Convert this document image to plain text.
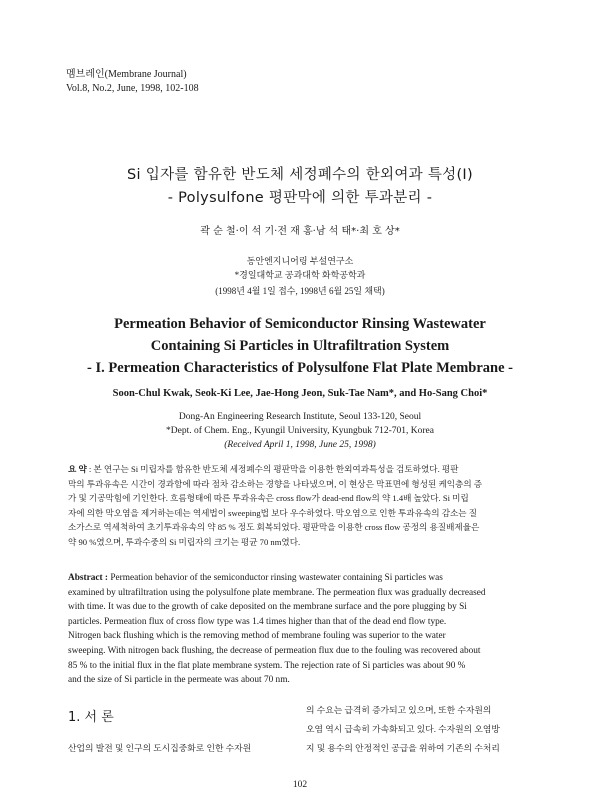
멤브레인(Membrane Journal)
Vol.8, No.2, June, 1998, 102-108
Si 입자를 함유한 반도체 세정폐수의 한외여과 특성(I)
- Polysulfone 평판막에 의한 투과분리 -
곽 순 철·이 석 기·전 재 홍·남 석 태*·최 호 상*
동안엔지니어링 부설연구소
*경일대학교 공과대학 화학공학과
(1998년 4월 1일 접수, 1998년 6월 25일 채택)
Permeation Behavior of Semiconductor Rinsing Wastewater
Containing Si Particles in Ultrafiltration System
- I. Permeation Characteristics of Polysulfone Flat Plate Membrane -
Soon-Chul Kwak, Seok-Ki Lee, Jae-Hong Jeon, Suk-Tae Nam*, and Ho-Sang Choi*
Dong-An Engineering Research Institute, Seoul 133-120, Seoul
*Dept. of Chem. Eng., Kyungil University, Kyungbuk 712-701, Korea
(Received April 1, 1998, June 25, 1998)
요 약 : 본 연구는 Si 미립자를 함유한 반도체 세정폐수의 평판막을 이용한 한외여과특성을 검토하였다. 평판
막의 투과유속은 시간이 경과함에 따라 점차 감소하는 경향을 나타냈으며, 이 현상은 막표면에 형성된 케익층의 증
가 및 기공막힘에 기인한다. 흐름형태에 따른 투과유속은 cross flow가 dead-end flow의 약 1.4배 높았다. Si 미립
자에 의한 막오염을 제거하는데는 역세법이 sweeping법 보다 우수하였다. 막오염으로 인한 투과유속의 감소는 질
소가스로 역세척하여 초기투과유속의 약 85 % 정도 회복되었다. 평판막을 이용한 cross flow 공정의 용질배제율은
약 90 %였으며, 투과수중의 Si 미립자의 크기는 평균 70 nm였다.
Abstract : Permeation behavior of the semiconductor rinsing wastewater containing Si particles was
examined by ultrafiltration using the polysulfone plate membrane. The permeation flux was gradually decreased
with time. It was due to the growth of cake deposited on the membrane surface and the pore plugging by Si
particles. Permeation flux of cross flow type was 1.4 times higher than that of the dead end flow type.
Nitrogen back flushing which is the removing method of membrane fouling was superior to the water
sweeping. With nitrogen back flushing, the decrease of permeation flux due to the fouling was recovered about
85 % to the initial flux in the flat plate membrane system. The rejection rate of Si particles was about 90 %
and the size of Si particle in the permeate was about 70 nm.
1. 서 론
산업의 발전 및 인구의 도시집중화로 인한 수자원
의 수요는 급격히 증가되고 있으며, 또한 수자원의
오염 역시 급속히 가속화되고 있다. 수자원의 오염방
지 및 용수의 안정적인 공급을 위하여 기존의 수처리
102
